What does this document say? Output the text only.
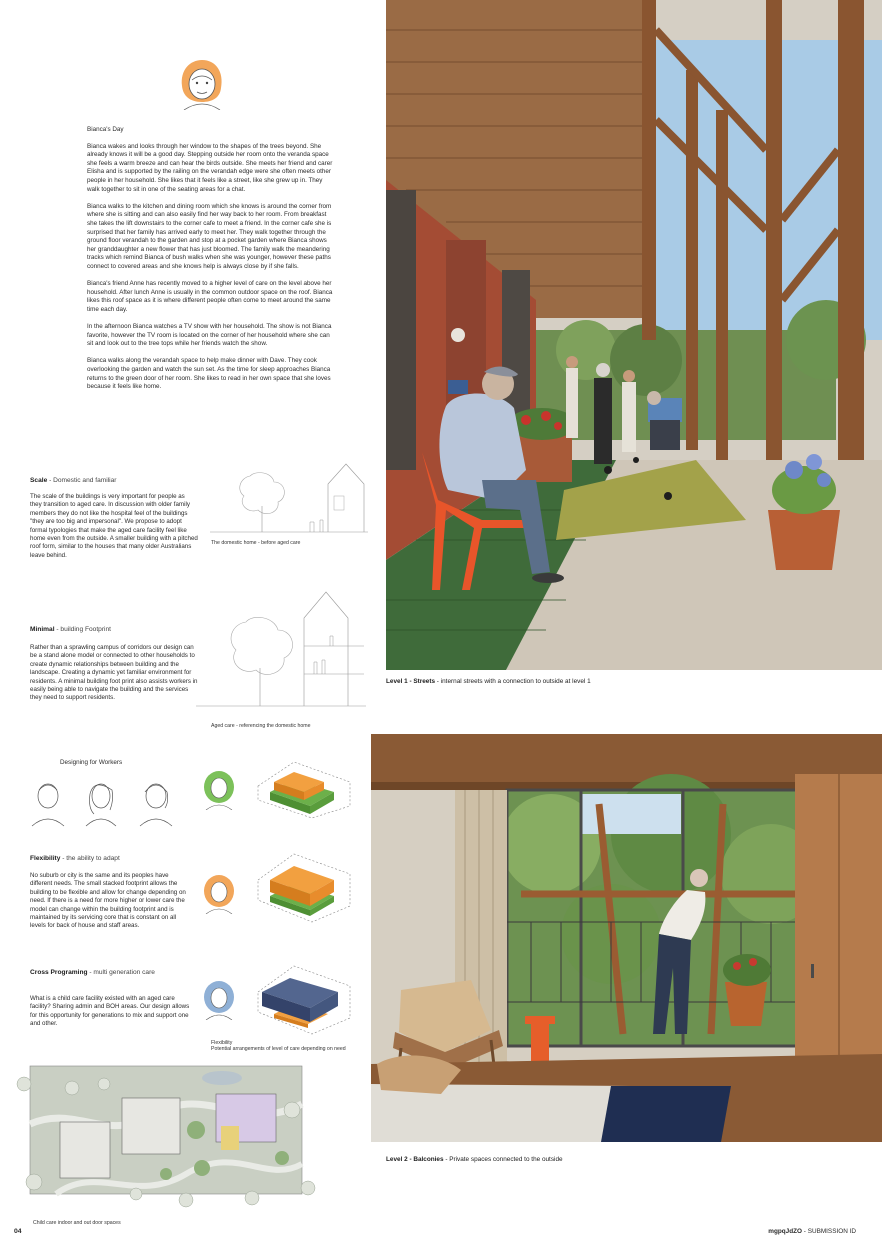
Bianca's Day

Bianca wakes and looks through her window to the shapes of the trees beyond. She already knows it will be a good day. Stepping outside her room onto the veranda space she feels a warm breeze and can hear the birds outside. She meets her friend and carer Elisha and is supported by the railing on the verandah edge were she often meets other people in her household. She likes that it feels like a street, like she grew up in. They walk together to sit in one of the seating areas for a chat.

Bianca walks to the kitchen and dining room which she knows is around the corner from where she is sitting and can also easily find her way back to her room. From breakfast she takes the lift downstairs to the corner cafe to meet a friend. In the corner cafe she is surprised that her family has arrived early to meet her. They walk together through the ground floor verandah to the garden and stop at a pocket garden where Bianca shows her granddaughter a new flower that has just bloomed. The family walk the meandering tracks which remind Bianca of bush walks when she was younger, however these paths connect to covered areas and she knows help is always close by if she falls.

Bianca's friend Anne has recently moved to a higher level of care on the level above her household. After lunch Anne is usually in the common outdoor space on the roof. Bianca likes this roof space as it is where different people often come to meet around the same time each day.

In the afternoon Bianca watches a TV show with her household. The show is not Bianca favorite, however the TV room is located on the corner of her household where she can sit and look out to the tree tops while her friends watch the show.

Bianca walks along the verandah space to help make dinner with Dave. They cook overlooking the garden and watch the sun set. As the time for sleep approaches Bianca returns to the green door of her room. She likes to read in her own space that she loves because it feels like home.

Scale - Domestic and familiar
The scale of the buildings is very important for people as they transition to aged care. In discussion with older family members they do not like the hospital feel of the buildings "they are too big and impersonal". We propose to adopt formal typologies that make the aged care facility feel like home even from the outside. A smaller building with a pitched roof form, similar to the houses that many older Australians leave behind.
The domestic home - before aged care
Minimal - building Footprint
Rather than a sprawling campus of corridors our design can be a stand alone model or connected to other households to create dynamic relationships between building and the landscape. Creating a dynamic yet familiar environment for residents. A minimal building foot print also assists workers in easily being able to navigate the building and the services they need to support residents.
Aged care - referencing the domestic home
Designing for Workers
Flexibility - the ability to adapt
No suburb or city is the same and its peoples have different needs. The small stacked footprint allows the building to be flexible and allow for change depending on need. If there is a need for more higher or lower care the model can change within the building footprint and is maintained by its servicing core that is constant on all levels for back of house and staff areas.
Cross Programing - multi generation care
What is a child care facility existed with an aged care facility? Sharing admin and BOH areas. Our design allows for this opportunity for generations to mix and support one and other.
Flexibility
Potential arrangements of level of care depending on need
Child care indoor and out door spaces
04	mgpqJdZO - SUBMISSION ID
Level 1 - Streets - internal streets with a connection to outside at level 1
Level 2 - Balconies - Private spaces connected to the outside
